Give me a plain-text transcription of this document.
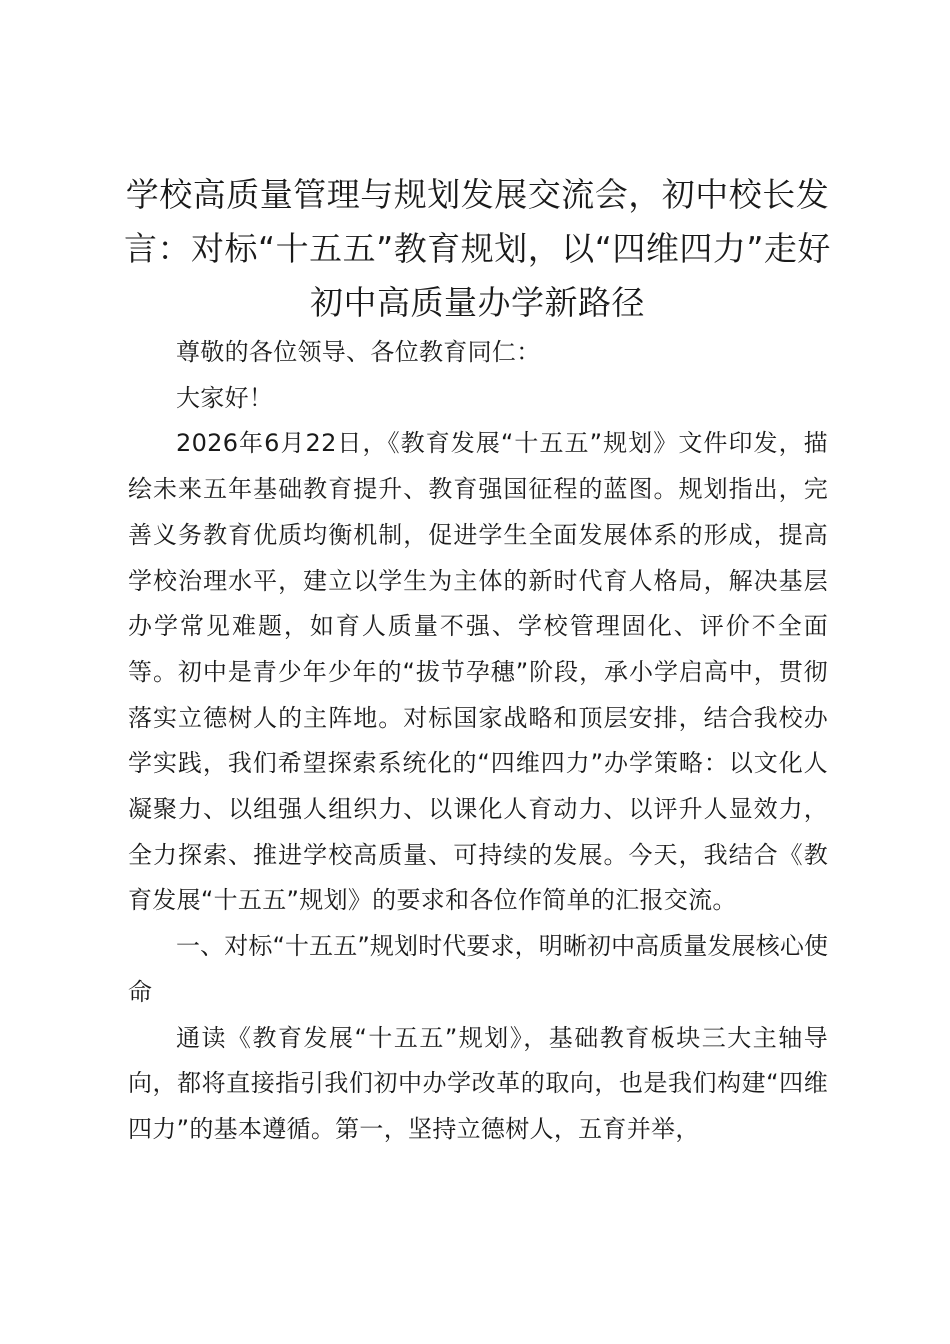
学校高质量管理与规划发展交流会，初中校长发言：对标“十五五”教育规划，以“四维四力”走好初中高质量办学新路径

尊敬的各位领导、各位教育同仁：

大家好！

2026年6月22日，《教育发展“十五五”规划》文件印发，描绘未来五年基础教育提升、教育强国征程的蓝图。规划指出，完善义务教育优质均衡机制，促进学生全面发展体系的形成，提高学校治理水平，建立以学生为主体的新时代育人格局，解决基层办学常见难题，如育人质量不强、学校管理固化、评价不全面等。初中是青少年少年的“拔节孕穗”阶段，承小学启高中，贯彻落实立德树人的主阵地。对标国家战略和顶层安排，结合我校办学实践，我们希望探索系统化的“四维四力”办学策略：以文化人凝聚力、以组强人组织力、以课化人育动力、以评升人显效力，全力探索、推进学校高质量、可持续的发展。今天，我结合《教育发展“十五五”规划》的要求和各位作简单的汇报交流。

一、对标“十五五”规划时代要求，明晰初中高质量发展核心使命

通读《教育发展“十五五”规划》，基础教育板块三大主轴导向，都将直接指引我们初中办学改革的取向，也是我们构建“四维四力”的基本遵循。第一，坚持立德树人，五育并举，
